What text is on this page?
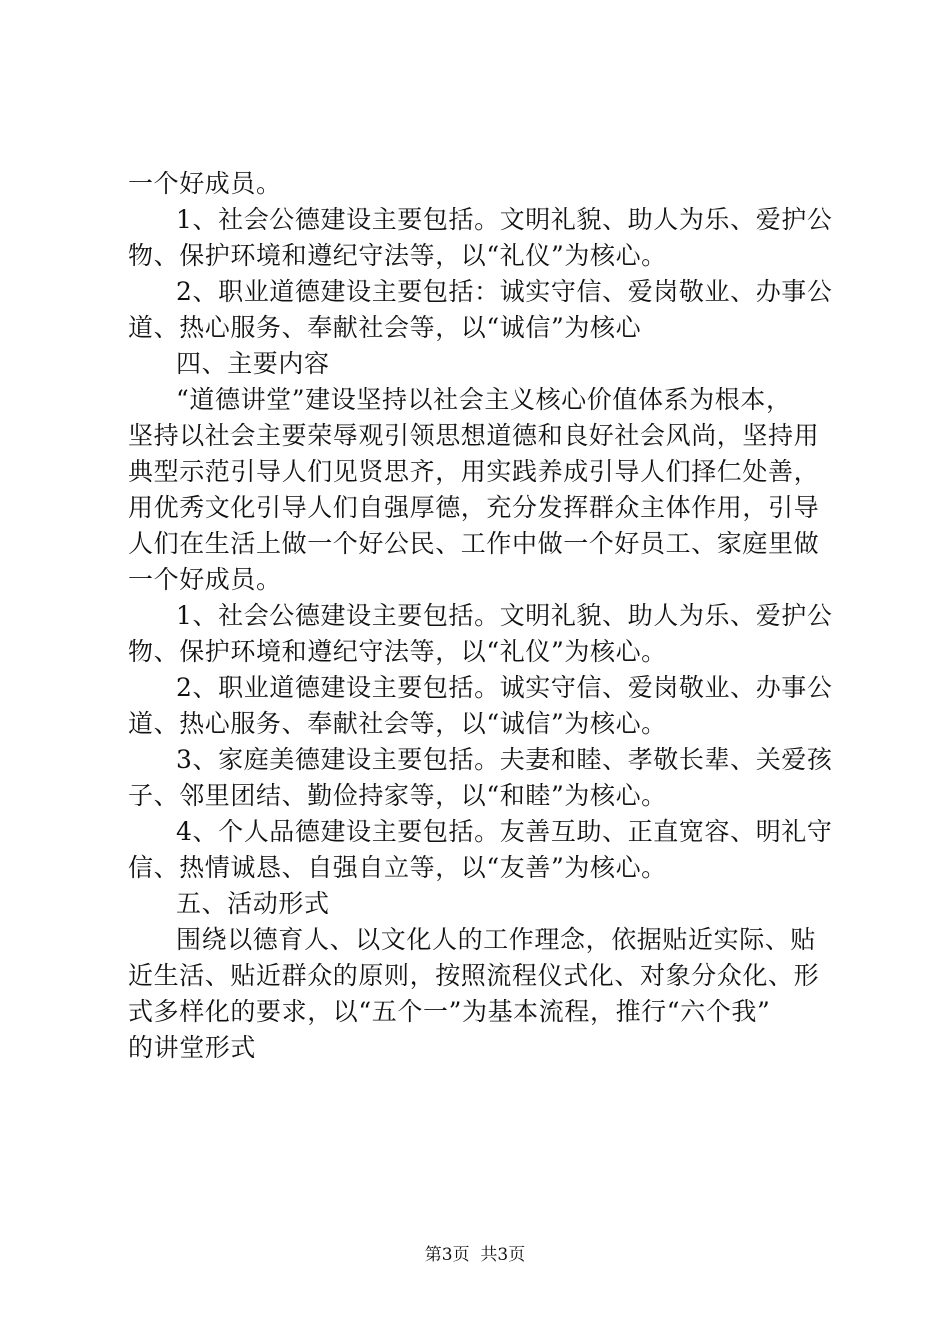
一个好成员。
1、社会公德建设主要包括。文明礼貌、助人为乐、爱护公
物、保护环境和遵纪守法等，以“礼仪”为核心。
2、职业道德建设主要包括：诚实守信、爱岗敬业、办事公
道、热心服务、奉献社会等，以“诚信”为核心
四、主要内容
“道德讲堂”建设坚持以社会主义核心价值体系为根本，
坚持以社会主要荣辱观引领思想道德和良好社会风尚，坚持用
典型示范引导人们见贤思齐，用实践养成引导人们择仁处善，
用优秀文化引导人们自强厚德，充分发挥群众主体作用，引导
人们在生活上做一个好公民、工作中做一个好员工、家庭里做
一个好成员。
1、社会公德建设主要包括。文明礼貌、助人为乐、爱护公
物、保护环境和遵纪守法等，以“礼仪”为核心。
2、职业道德建设主要包括。诚实守信、爱岗敬业、办事公
道、热心服务、奉献社会等，以“诚信”为核心。
3、家庭美德建设主要包括。夫妻和睦、孝敬长辈、关爱孩
子、邻里团结、勤俭持家等，以“和睦”为核心。
4、个人品德建设主要包括。友善互助、正直宽容、明礼守
信、热情诚恳、自强自立等，以“友善”为核心。
五、活动形式
围绕以德育人、以文化人的工作理念，依据贴近实际、贴
近生活、贴近群众的原则，按照流程仪式化、对象分众化、形
式多样化的要求，以“五个一”为基本流程，推行“六个我”
的讲堂形式
第3页  共3页
